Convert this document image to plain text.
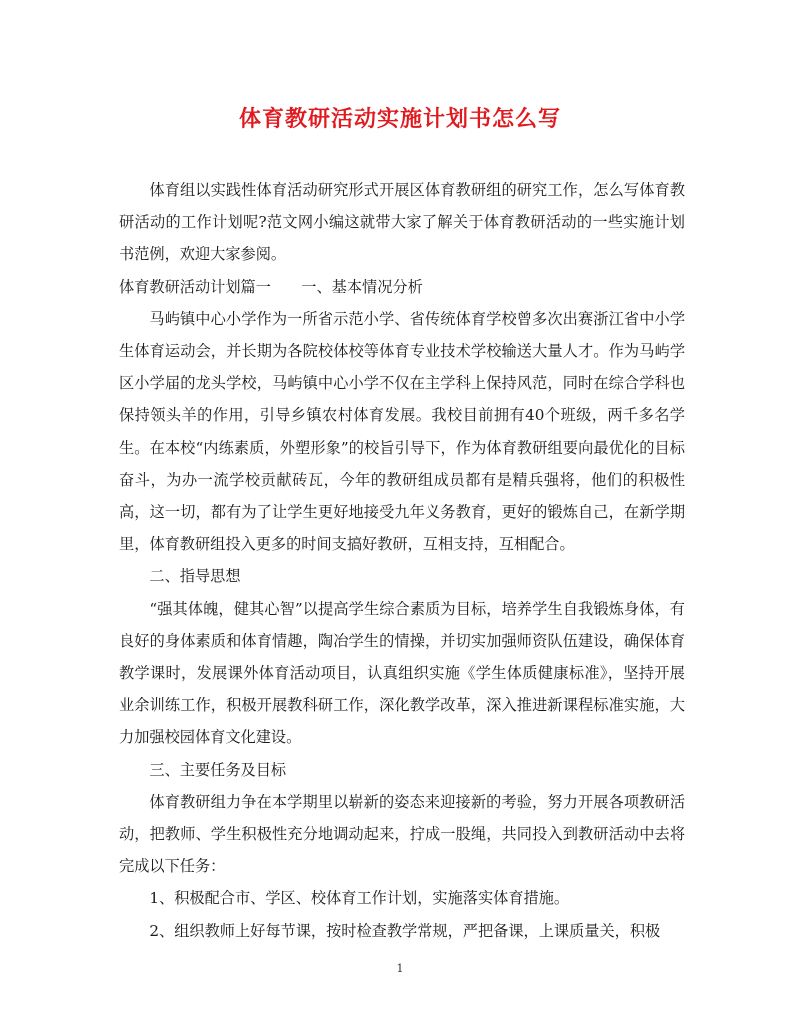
体育教研活动实施计划书怎么写

体育组以实践性体育活动研究形式开展区体育教研组的研究工作，怎么写体育教研活动的工作计划呢?范文网小编这就带大家了解关于体育教研活动的一些实施计划书范例，欢迎大家参阅。

体育教研活动计划篇一　　一、基本情况分析

马屿镇中心小学作为一所省示范小学、省传统体育学校曾多次出赛浙江省中小学生体育运动会，并长期为各院校体校等体育专业技术学校输送大量人才。作为马屿学区小学届的龙头学校，马屿镇中心小学不仅在主学科上保持风范，同时在综合学科也保持领头羊的作用，引导乡镇农村体育发展。我校目前拥有40个班级，两千多名学生。在本校“内练素质，外塑形象”的校旨引导下，作为体育教研组要向最优化的目标奋斗，为办一流学校贡献砖瓦，今年的教研组成员都有是精兵强将，他们的积极性高，这一切，都有为了让学生更好地接受九年义务教育，更好的锻炼自己，在新学期里，体育教研组投入更多的时间支搞好教研，互相支持，互相配合。

二、指导思想

“强其体魄，健其心智”以提高学生综合素质为目标，培养学生自我锻炼身体，有良好的身体素质和体育情趣，陶冶学生的情操，并切实加强师资队伍建设，确保体育教学课时，发展课外体育活动项目，认真组织实施《学生体质健康标准》，坚持开展业余训练工作，积极开展教科研工作，深化教学改革，深入推进新课程标准实施，大力加强校园体育文化建设。

三、主要任务及目标

体育教研组力争在本学期里以崭新的姿态来迎接新的考验，努力开展各项教研活动，把教师、学生积极性充分地调动起来，拧成一股绳，共同投入到教研活动中去将完成以下任务：

1、积极配合市、学区、校体育工作计划，实施落实体育措施。

2、组织教师上好每节课，按时检查教学常规，严把备课，上课质量关，积极

1
